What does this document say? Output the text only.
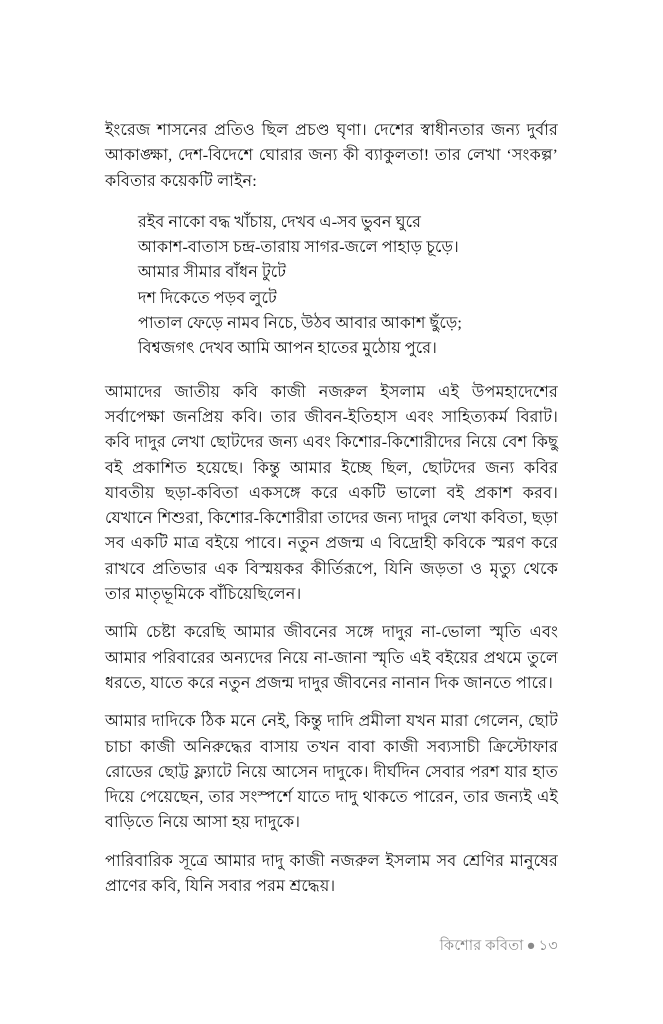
ইংরেজ শাসনের প্রতিও ছিল প্রচণ্ড ঘৃণা। দেশের স্বাধীনতার জন্য দুর্বার আকাঙ্ক্ষা, দেশ-বিদেশে ঘোরার জন্য কী ব্যাকুলতা! তার লেখা ‘সংকল্প’ কবিতার কয়েকটি লাইন:

রইব নাকো বদ্ধ খাঁচায়, দেখব এ-সব ভুবন ঘুরে
আকাশ-বাতাস চন্দ্র-তারায় সাগর-জলে পাহাড় চূড়ে।
আমার সীমার বাঁধন টুটে
দশ দিকেতে পড়ব লুটে
পাতাল ফেড়ে নামব নিচে, উঠব আবার আকাশ ছুঁড়ে;
বিশ্বজগৎ দেখব আমি আপন হাতের মুঠোয় পুরে।

আমাদের জাতীয় কবি কাজী নজরুল ইসলাম এই উপমহাদেশের সর্বাপেক্ষা জনপ্রিয় কবি। তার জীবন-ইতিহাস এবং সাহিত্যকর্ম বিরাট। কবি দাদুর লেখা ছোটদের জন্য এবং কিশোর-কিশোরীদের নিয়ে বেশ কিছু বই প্রকাশিত হয়েছে। কিন্তু আমার ইচ্ছে ছিল, ছোটদের জন্য কবির যাবতীয় ছড়া-কবিতা একসঙ্গে করে একটি ভালো বই প্রকাশ করব। যেখানে শিশুরা, কিশোর-কিশোরীরা তাদের জন্য দাদুর লেখা কবিতা, ছড়া সব একটি মাত্র বইয়ে পাবে। নতুন প্রজন্ম এ বিদ্রোহী কবিকে স্মরণ করে রাখবে প্রতিভার এক বিস্ময়কর কীর্তিরূপে, যিনি জড়তা ও মৃত্যু থেকে তার মাতৃভূমিকে বাঁচিয়েছিলেন।

আমি চেষ্টা করেছি আমার জীবনের সঙ্গে দাদুর না-ভোলা স্মৃতি এবং আমার পরিবারের অন্যদের নিয়ে না-জানা স্মৃতি এই বইয়ের প্রথমে তুলে ধরতে, যাতে করে নতুন প্রজন্ম দাদুর জীবনের নানান দিক জানতে পারে।

আমার দাদিকে ঠিক মনে নেই, কিন্তু দাদি প্রমীলা যখন মারা গেলেন, ছোট চাচা কাজী অনিরুদ্ধের বাসায় তখন বাবা কাজী সব্যসাচী ক্রিস্টোফার রোডের ছোট্ট ফ্ল্যাটে নিয়ে আসেন দাদুকে। দীর্ঘদিন সেবার পরশ যার হাত দিয়ে পেয়েছেন, তার সংস্পর্শে যাতে দাদু থাকতে পারেন, তার জন্যই এই বাড়িতে নিয়ে আসা হয় দাদুকে।

পারিবারিক সূত্রে আমার দাদু কাজী নজরুল ইসলাম সব শ্রেণির মানুষের প্রাণের কবি, যিনি সবার পরম শ্রদ্ধেয়।

কিশোর কবিতা ● ১৩
